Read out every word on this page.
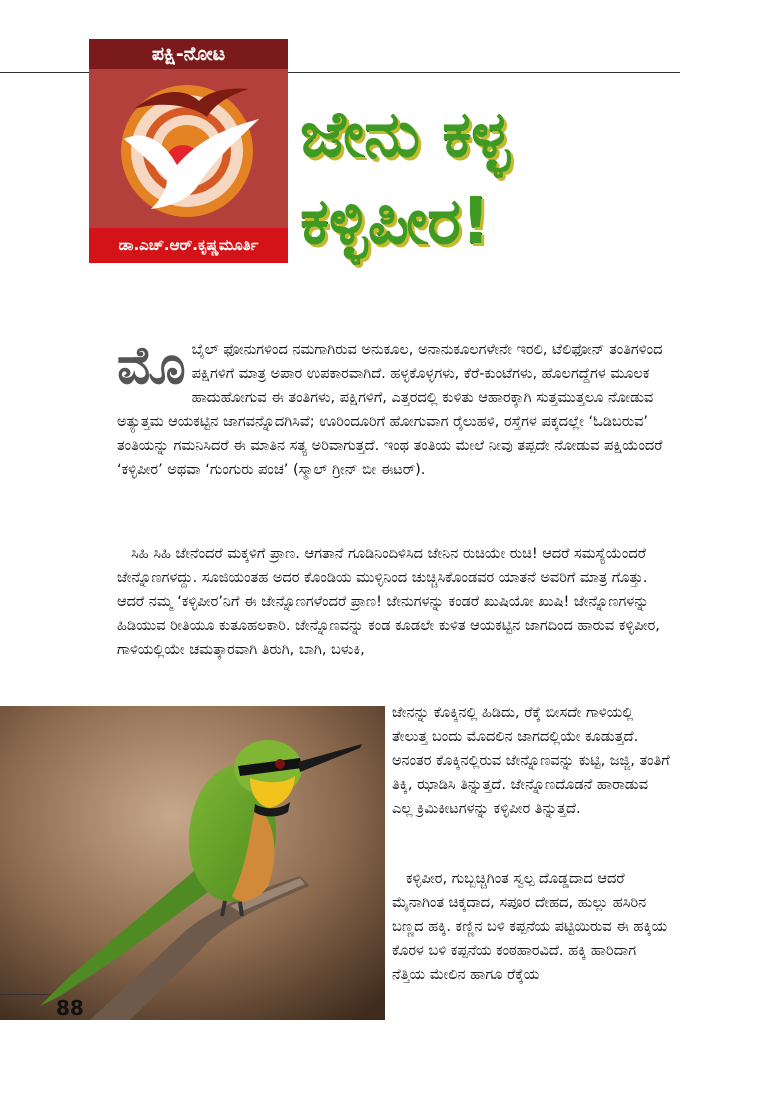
ಪಕ್ಷಿ-ನೋಟ
ಡಾ.ಎಚ್.ಆರ್.ಕೃಷ್ಣಮೂರ್ತಿ
ಜೇನು ಕಳ್ಳ
ಕಳ್ಳಿಪೀರ!
ಮೊ ಬೈಲ್ ಫೋನುಗಳಿಂದ ನಮಗಾಗಿರುವ ಅನುಕೂಲ, ಅನಾನುಕೂಲಗಳೇನೇ ಇರಲಿ, ಟೆಲಿಫೋನ್ ತಂತಿಗಳಿಂದ ಪಕ್ಷಿಗಳಿಗೆ ಮಾತ್ರ ಅಪಾರ ಉಪಕಾರವಾಗಿದೆ. ಹಳ್ಳಕೊಳ್ಳಗಳು, ಕೆರೆ-ಕುಂಟೆಗಳು, ಹೊಲಗದ್ದೆಗಳ ಮೂಲಕ ಹಾದುಹೋಗುವ ಈ ತಂತಿಗಳು, ಪಕ್ಷಿಗಳಿಗೆ, ಎತ್ತರದಲ್ಲಿ ಕುಳಿತು ಆಹಾರಕ್ಕಾಗಿ ಸುತ್ತಮುತ್ತಲೂ ನೋಡುವ ಅತ್ಯುತ್ತಮ ಆಯಕಟ್ಟಿನ ಜಾಗವನ್ನೊದಗಿಸಿವೆ; ಊರಿಂದೂರಿಗೆ ಹೋಗುವಾಗ ರೈಲುಹಳಿ, ರಸ್ತೆಗಳ ಪಕ್ಕದಲ್ಲೇ ‘ಓಡಿಬರುವ’ ತಂತಿಯನ್ನು ಗಮನಿಸಿದರೆ ಈ ಮಾತಿನ ಸತ್ಯ ಅರಿವಾಗುತ್ತದೆ. ಇಂಥ ತಂತಿಯ ಮೇಲೆ ನೀವು ತಪ್ಪದೇ ನೋಡುವ ಪಕ್ಷಿಯೆಂದರೆ ‘ಕಳ್ಳಿಪೀರ’ ಅಥವಾ ‘ಗುಂಗುರು ಪಂಚ’ (ಸ್ಮಾಲ್ ಗ್ರೀನ್ ಬೀ ಈಟರ್).

ಸಿಹಿ ಸಿಹಿ ಜೇನೆಂದರೆ ಮಕ್ಕಳಿಗೆ ಪ್ರಾಣ. ಆಗತಾನೆ ಗೂಡಿನಿಂದಿಳಿಸಿದ ಜೇನಿನ ರುಚಿಯೇ ರುಚಿ! ಆದರೆ ಸಮಸ್ಯೆಯೆಂದರೆ ಜೇನ್ನೊಣಗಳದ್ದು. ಸೂಜಿಯಂತಹ ಅದರ ಕೊಂಡಿಯ ಮುಳ್ಳಿನಿಂದ ಚುಚ್ಚಿಸಿಕೊಂಡವರ ಯಾತನೆ ಅವರಿಗೆ ಮಾತ್ರ ಗೊತ್ತು. ಆದರೆ ನಮ್ಮ ‘ಕಳ್ಳಿಪೀರ’ನಿಗೆ ಈ ಜೇನ್ನೊಣಗಳೆಂದರೆ ಪ್ರಾಣ! ಜೇನುಗಳನ್ನು ಕಂಡರೆ ಖುಷಿಯೋ ಖುಷಿ! ಜೇನ್ನೊಣಗಳನ್ನು ಹಿಡಿಯುವ ರೀತಿಯೂ ಕುತೂಹಲಕಾರಿ. ಜೇನ್ನೊಣವನ್ನು ಕಂಡ ಕೂಡಲೇ ಕುಳಿತ ಆಯಕಟ್ಟಿನ ಜಾಗದಿಂದ ಹಾರುವ ಕಳ್ಳಿಪೀರ, ಗಾಳಿಯಲ್ಲಿಯೇ ಚಮತ್ಕಾರವಾಗಿ ತಿರುಗಿ, ಬಾಗಿ, ಬಳುಕಿ,

ಜೇನನ್ನು ಕೊಕ್ಕಿನಲ್ಲಿ ಹಿಡಿದು, ರೆಕ್ಕೆ ಬೀಸದೇ ಗಾಳಿಯಲ್ಲಿ ತೇಲುತ್ತ ಬಂದು ಮೊದಲಿನ ಜಾಗದಲ್ಲಿಯೇ ಕೂಡುತ್ತದೆ. ಅನಂತರ ಕೊಕ್ಕಿನಲ್ಲಿರುವ ಜೇನ್ನೊಣವನ್ನು ಕುಟ್ಟಿ, ಜಜ್ಜಿ, ತಂತಿಗೆ ತಿಕ್ಕಿ, ಝಾಡಿಸಿ ತಿನ್ನುತ್ತದೆ. ಜೇನ್ನೊಣದೊಡನೆ ಹಾರಾಡುವ ಎಲ್ಲ ಕ್ರಿಮಿಕೀಟಗಳನ್ನು ಕಳ್ಳಿಪೀರ ತಿನ್ನುತ್ತದೆ.

ಕಳ್ಳಿಪೀರ, ಗುಬ್ಬಚ್ಚಿಗಿಂತ ಸ್ವಲ್ಪ ದೊಡ್ಡದಾದ ಆದರೆ ಮೈನಾಗಿಂತ ಚಿಕ್ಕದಾದ, ಸಪೂರ ದೇಹದ, ಹುಲ್ಲು ಹಸಿರಿನ ಬಣ್ಣದ ಹಕ್ಕಿ. ಕಣ್ಣಿನ ಬಳಿ ಕಪ್ಪನೆಯ ಪಟ್ಟಿಯಿರುವ ಈ ಹಕ್ಕಿಯ ಕೊರಳ ಬಳಿ ಕಪ್ಪನೆಯ ಕಂಠಹಾರವಿದೆ. ಹಕ್ಕಿ ಹಾರಿದಾಗ ನೆತ್ತಿಯ ಮೇಲಿನ ಹಾಗೂ ರೆಕ್ಕೆಯ

88
